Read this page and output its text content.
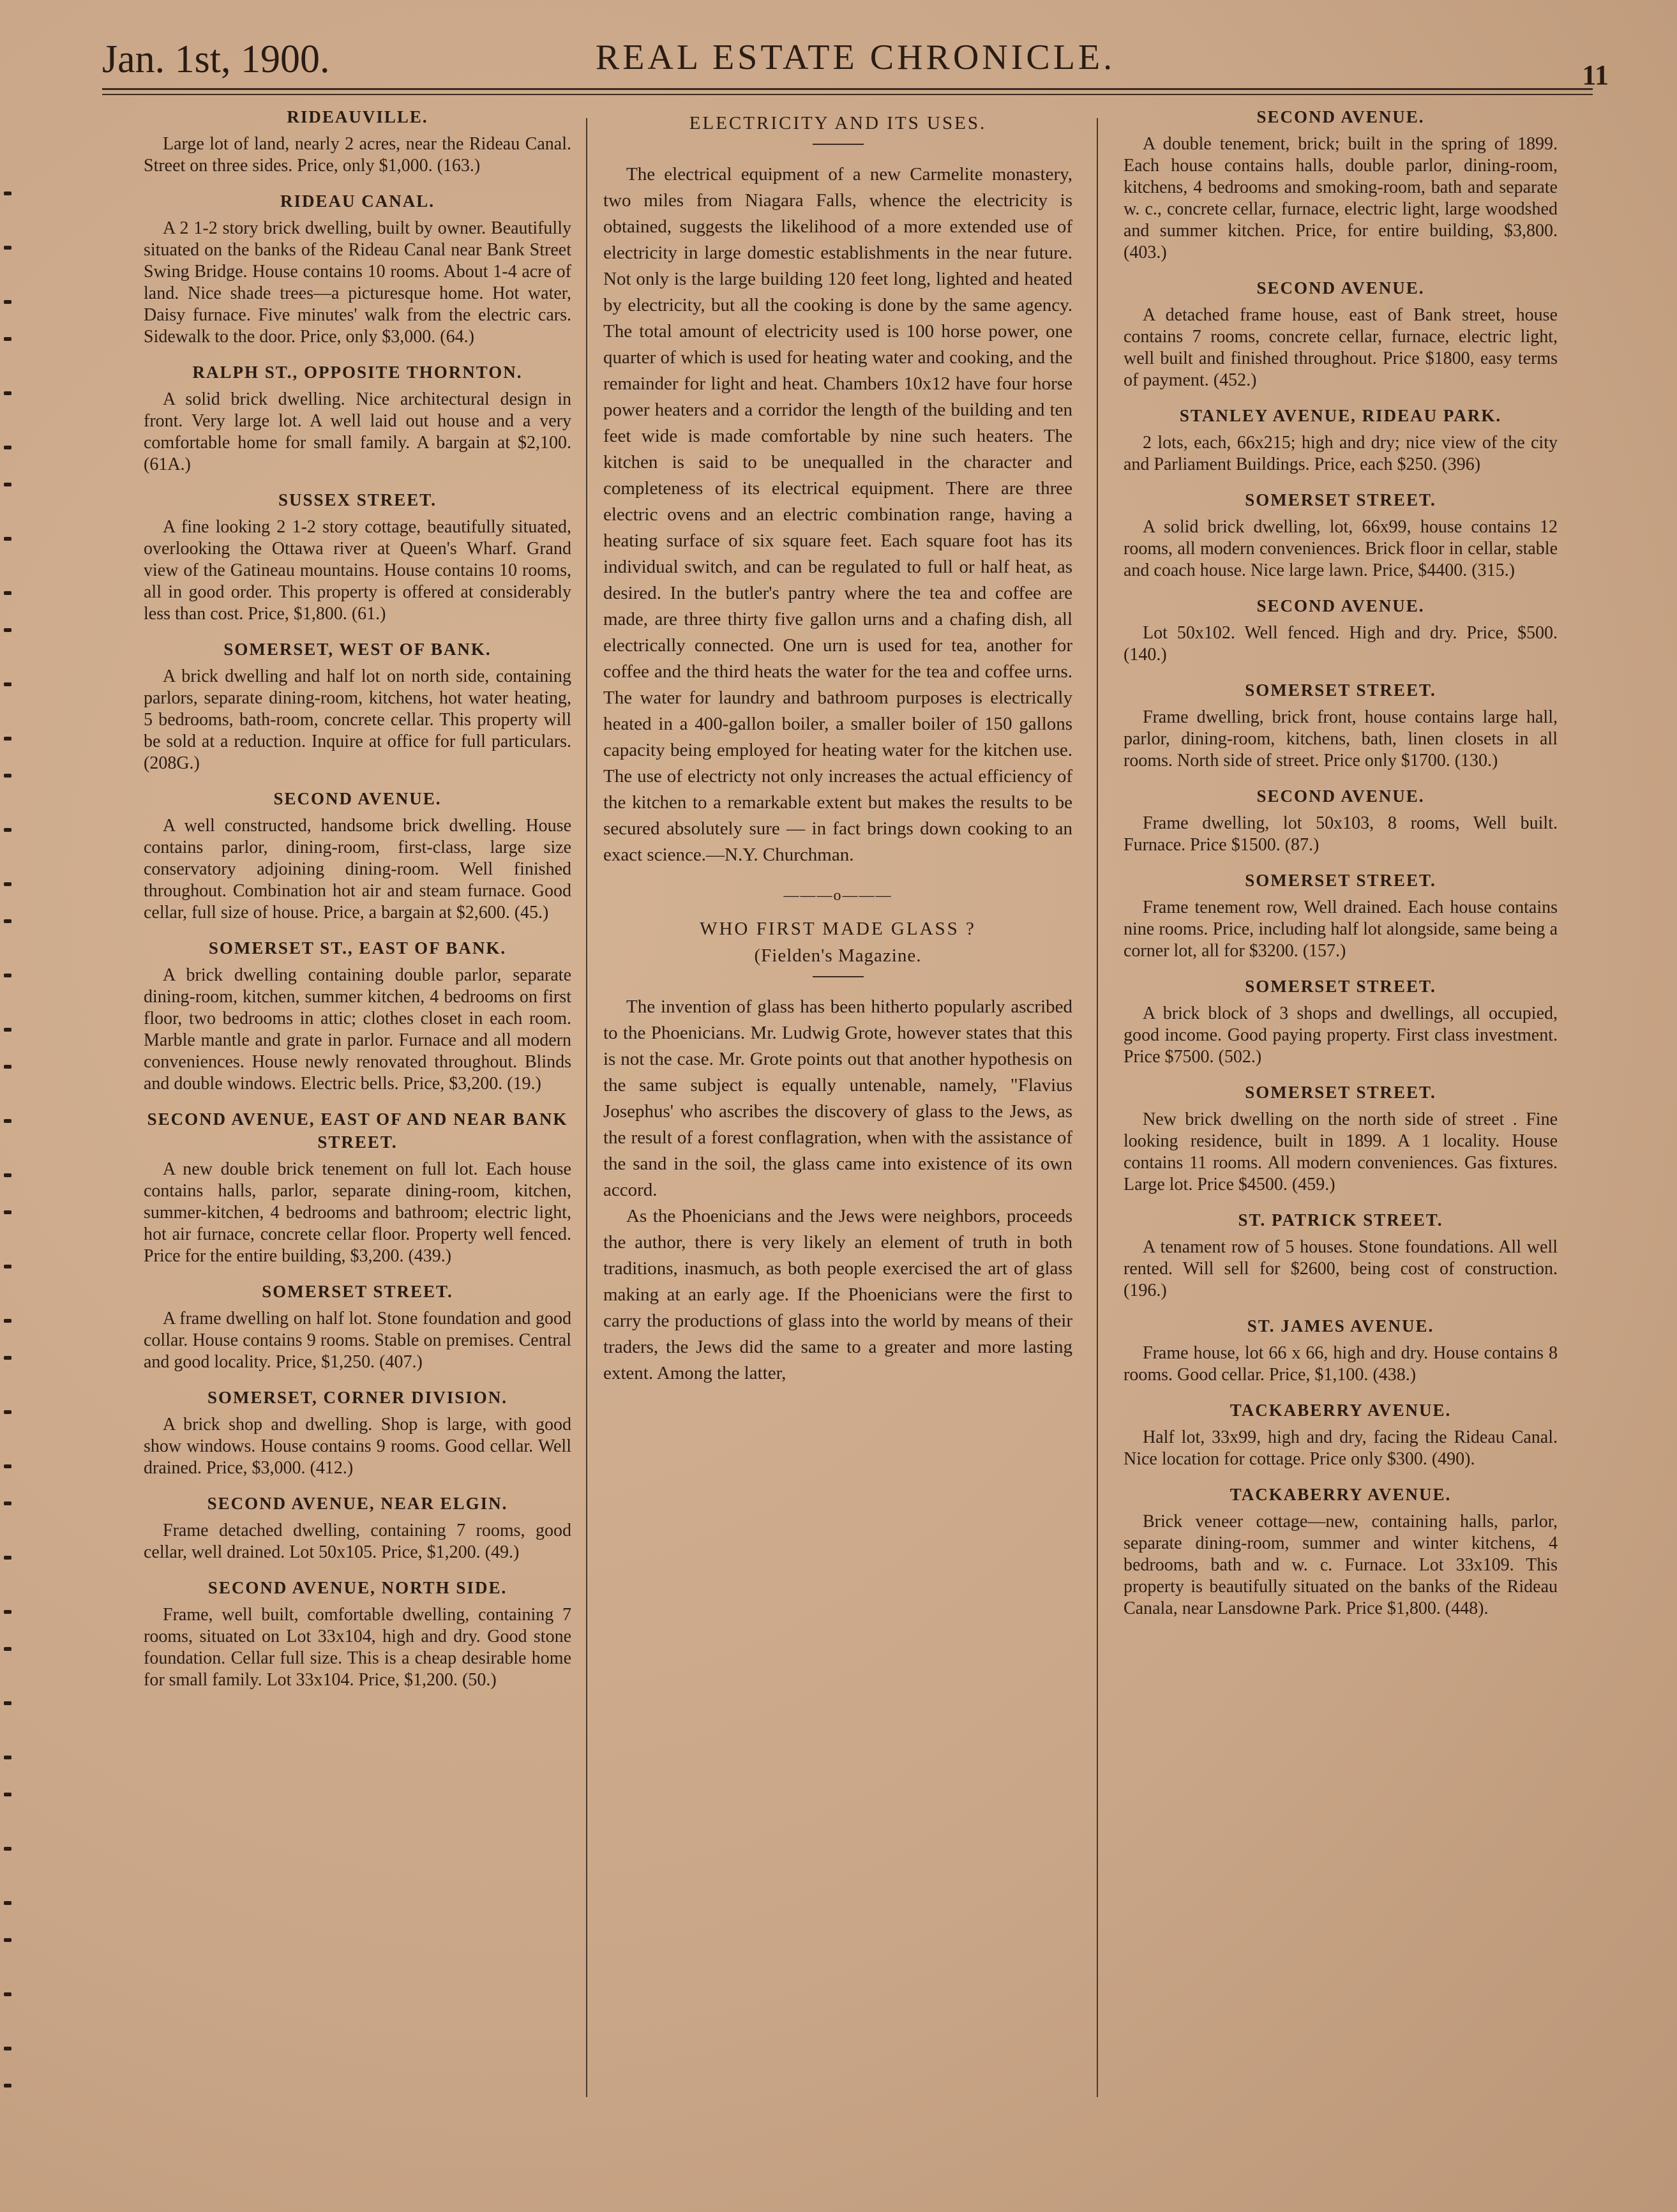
Jan. 1st, 1900.	REAL ESTATE CHRONICLE.	11
RIDEAUVILLE.

Large lot of land, nearly 2 acres, near the Rideau Canal. Street on three sides. Price, only $1,000. (163.)

RIDEAU CANAL.

A 2 1-2 story brick dwelling, built by owner. Beautifully situated on the banks of the Rideau Canal near Bank Street Swing Bridge. House contains 10 rooms. About 1-4 acre of land. Nice shade trees—a picturesque home. Hot water, Daisy furnace. Five minutes' walk from the electric cars. Sidewalk to the door. Price, only $3,000. (64.)

RALPH ST., OPPOSITE THORNTON.

A solid brick dwelling. Nice architectural design in front. Very large lot. A well laid out house and a very comfortable home for small family. A bargain at $2,100. (61A.)

SUSSEX STREET.

A fine looking 2 1-2 story cottage, beautifully situated, overlooking the Ottawa river at Queen's Wharf. Grand view of the Gatineau mountains. House contains 10 rooms, all in good order. This property is offered at considerably less than cost. Price, $1,800. (61.)

SOMERSET, WEST OF BANK.

A brick dwelling and half lot on north side, containing parlors, separate dining-room, kitchens, hot water heating, 5 bedrooms, bath-room, concrete cellar. This property will be sold at a reduction. Inquire at office for full particulars. (208G.)

SECOND AVENUE.

A well constructed, handsome brick dwelling. House contains parlor, dining-room, first-class, large size conservatory adjoining dining-room. Well finished throughout. Combination hot air and steam furnace. Good cellar, full size of house. Price, a bargain at $2,600. (45.)

SOMERSET ST., EAST OF BANK.

A brick dwelling containing double parlor, separate dining-room, kitchen, summer kitchen, 4 bedrooms on first floor, two bedrooms in attic; clothes closet in each room. Marble mantle and grate in parlor. Furnace and all modern conveniences. House newly renovated throughout. Blinds and double windows. Electric bells. Price, $3,200. (19.)

SECOND AVENUE, EAST OF AND NEAR BANK STREET.

A new double brick tenement on full lot. Each house contains halls, parlor, separate dining-room, kitchen, summer-kitchen, 4 bedrooms and bathroom; electric light, hot air furnace, concrete cellar floor. Property well fenced. Price for the entire building, $3,200. (439.)

SOMERSET STREET.

A frame dwelling on half lot. Stone foundation and good collar. House contains 9 rooms. Stable on premises. Central and good locality. Price, $1,250. (407.)

SOMERSET, CORNER DIVISION.

A brick shop and dwelling. Shop is large, with good show windows. House contains 9 rooms. Good cellar. Well drained. Price, $3,000. (412.)

SECOND AVENUE, NEAR ELGIN.

Frame detached dwelling, containing 7 rooms, good cellar, well drained. Lot 50x105. Price, $1,200. (49.)

SECOND AVENUE, NORTH SIDE.

Frame, well built, comfortable dwelling, containing 7 rooms, situated on Lot 33x104, high and dry. Good stone foundation. Cellar full size. This is a cheap desirable home for small family. Lot 33x104. Price, $1,200. (50.)

ELECTRICITY AND ITS USES.

The electrical equipment of a new Carmelite monastery, two miles from Niagara Falls, whence the electricity is obtained, suggests the likelihood of a more extended use of electricity in large domestic establishments in the near future. Not only is the large building 120 feet long, lighted and heated by electricity, but all the cooking is done by the same agency. The total amount of electricity used is 100 horse power, one quarter of which is used for heating water and cooking, and the remainder for light and heat. Chambers 10x12 have four horse power heaters and a corridor the length of the building and ten feet wide is made comfortable by nine such heaters. The kitchen is said to be unequalled in the character and completeness of its electrical equipment. There are three electric ovens and an electric combination range, having a heating surface of six square feet. Each square foot has its individual switch, and can be regulated to full or half heat, as desired. In the butler's pantry where the tea and coffee are made, are three thirty five gallon urns and a chafing dish, all electrically connected. One urn is used for tea, another for coffee and the third heats the water for the tea and coffee urns. The water for laundry and bathroom purposes is electrically heated in a 400-gallon boiler, a smaller boiler of 150 gallons capacity being employed for heating water for the kitchen use. The use of electricty not only increases the actual efficiency of the kitchen to a remarkable extent but makes the results to be secured absolutely sure — in fact brings down cooking to an exact science.—N.Y. Churchman.

———o———
WHO FIRST MADE GLASS ?
(Fielden's Magazine.

The invention of glass has been hitherto popularly ascribed to the Phoenicians. Mr. Ludwig Grote, however states that this is not the case. Mr. Grote points out that another hypothesis on the same subject is equally untenable, namely, "Flavius Josephus' who ascribes the discovery of glass to the Jews, as the result of a forest conflagration, when with the assistance of the sand in the soil, the glass came into existence of its own accord.

As the Phoenicians and the Jews were neighbors, proceeds the author, there is very likely an element of truth in both traditions, inasmuch, as both people exercised the art of glass making at an early age. If the Phoenicians were the first to carry the productions of glass into the world by means of their traders, the Jews did the same to a greater and more lasting extent. Among the latter,

SECOND AVENUE.

A double tenement, brick; built in the spring of 1899. Each house contains halls, double parlor, dining-room, kitchens, 4 bedrooms and smoking-room, bath and separate w. c., concrete cellar, furnace, electric light, large woodshed and summer kitchen. Price, for entire building, $3,800. (403.)

SECOND AVENUE.

A detached frame house, east of Bank street, house contains 7 rooms, concrete cellar, furnace, electric light, well built and finished throughout. Price $1800, easy terms of payment. (452.)

STANLEY AVENUE, RIDEAU PARK.

2 lots, each, 66x215; high and dry; nice view of the city and Parliament Buildings. Price, each $250. (396)

SOMERSET STREET.

A solid brick dwelling, lot, 66x99, house contains 12 rooms, all modern conveniences. Brick floor in cellar, stable and coach house. Nice large lawn. Price, $4400. (315.)

SECOND AVENUE.

Lot 50x102. Well fenced. High and dry. Price, $500. (140.)

SOMERSET STREET.

Frame dwelling, brick front, house contains large hall, parlor, dining-room, kitchens, bath, linen closets in all rooms. North side of street. Price only $1700. (130.)

SECOND AVENUE.

Frame dwelling, lot 50x103, 8 rooms, Well built. Furnace. Price $1500. (87.)

SOMERSET STREET.

Frame tenement row, Well drained. Each house contains nine rooms. Price, including half lot alongside, same being a corner lot, all for $3200. (157.)

SOMERSET STREET.

A brick block of 3 shops and dwellings, all occupied, good income. Good paying property. First class investment. Price $7500. (502.)

SOMERSET STREET.

New brick dwelling on the north side of street . Fine looking residence, built in 1899. A 1 locality. House contains 11 rooms. All modern conveniences. Gas fixtures. Large lot. Price $4500. (459.)

ST. PATRICK STREET.

A tenament row of 5 houses. Stone foundations. All well rented. Will sell for $2600, being cost of construction. (196.)

ST. JAMES AVENUE.

Frame house, lot 66 x 66, high and dry. House contains 8 rooms. Good cellar. Price, $1,100. (438.)

TACKABERRY AVENUE.

Half lot, 33x99, high and dry, facing the Rideau Canal. Nice location for cottage. Price only $300. (490).

TACKABERRY AVENUE.

Brick veneer cottage—new, containing halls, parlor, separate dining-room, summer and winter kitchens, 4 bedrooms, bath and w. c. Furnace. Lot 33x109. This property is beautifully situated on the banks of the Rideau Canala, near Lansdowne Park. Price $1,800. (448).
